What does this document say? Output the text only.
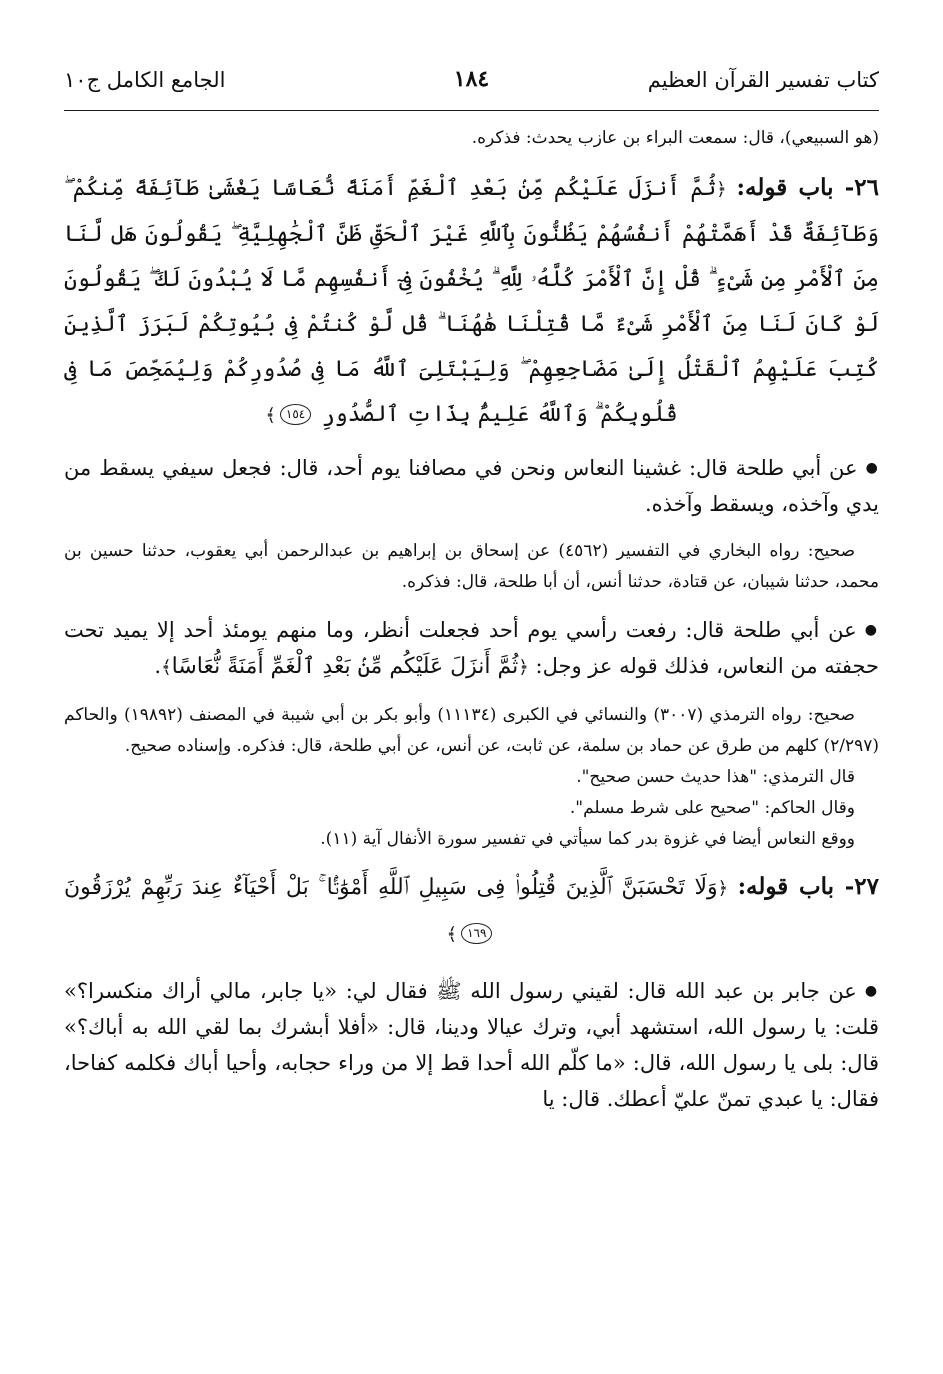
كتاب تفسير القرآن العظيم
١٨٤
الجامع الكامل ج١٠

(هو السبيعي)، قال: سمعت البراء بن عازب يحدث: فذكره.

٢٦- باب قوله: ﴿ثُمَّ أَنزَلَ عَلَيْكُم مِّنۢ بَعْدِ ٱلْغَمِّ أَمَنَةً نُّعَاسًا يَغْشَىٰ طَآئِفَةً مِّنكُمْ ۖ وَطَآئِفَةٌ قَدْ أَهَمَّتْهُمْ أَنفُسُهُمْ يَظُنُّونَ بِٱللَّهِ غَيْرَ ٱلْحَقِّ ظَنَّ ٱلْجَٰهِلِيَّةِ ۖ يَقُولُونَ هَل لَّنَا مِنَ ٱلْأَمْرِ مِن شَىْءٍ ۗ قُلْ إِنَّ ٱلْأَمْرَ كُلَّهُۥ لِلَّهِ ۗ يُخْفُونَ فِىٓ أَنفُسِهِم مَّا لَا يُبْدُونَ لَكَ ۖ يَقُولُونَ لَوْ كَانَ لَنَا مِنَ ٱلْأَمْرِ شَىْءٌ مَّا قُتِلْنَا هَٰهُنَا ۗ قُل لَّوْ كُنتُمْ فِى بُيُوتِكُمْ لَبَرَزَ ٱلَّذِينَ كُتِبَ عَلَيْهِمُ ٱلْقَتْلُ إِلَىٰ مَضَاجِعِهِمْ ۖ وَلِيَبْتَلِىَ ٱللَّهُ مَا فِى صُدُورِكُمْ وَلِيُمَحِّصَ مَا فِى قُلُوبِكُمْ ۗ وَٱللَّهُ عَلِيمٌۢ بِذَاتِ ٱلصُّدُورِ ١٥٤﴾

●عن أبي طلحة قال: غشينا النعاس ونحن في مصافنا يوم أحد، قال: فجعل سيفي يسقط من يدي وآخذه، ويسقط وآخذه.

صحيح: رواه البخاري في التفسير (٤٥٦٢) عن إسحاق بن إبراهيم بن عبدالرحمن أبي يعقوب، حدثنا حسين بن محمد، حدثنا شيبان، عن قتادة، حدثنا أنس، أن أبا طلحة، قال: فذكره.

●عن أبي طلحة قال: رفعت رأسي يوم أحد فجعلت أنظر، وما منهم يومئذ أحد إلا يميد تحت حجفته من النعاس، فذلك قوله عز وجل: ﴿ثُمَّ أَنزَلَ عَلَيْكُم مِّنۢ بَعْدِ ٱلْغَمِّ أَمَنَةً نُّعَاسًا﴾.

صحيح: رواه الترمذي (٣٠٠٧) والنسائي في الكبرى (١١١٣٤) وأبو بكر بن أبي شيبة في المصنف (١٩٨٩٢) والحاكم (٢/٢٩٧) كلهم من طرق عن حماد بن سلمة، عن ثابت، عن أنس، عن أبي طلحة، قال: فذكره. وإسناده صحيح.

قال الترمذي: "هذا حديث حسن صحيح".

وقال الحاكم: "صحيح على شرط مسلم".

ووقع النعاس أيضا في غزوة بدر كما سيأتي في تفسير سورة الأنفال آية (١١).

٢٧- باب قوله: ﴿وَلَا تَحْسَبَنَّ ٱلَّذِينَ قُتِلُوا۟ فِى سَبِيلِ ٱللَّهِ أَمْوَٰتًۢا ۚ بَلْ أَحْيَآءٌ عِندَ رَبِّهِمْ يُرْزَقُونَ ١٦٩﴾

●عن جابر بن عبد الله قال: لقيني رسول الله ﷺ فقال لي: «يا جابر، مالي أراك منكسرا؟» قلت: يا رسول الله، استشهد أبي، وترك عيالا ودينا، قال: «أفلا أبشرك بما لقي الله به أباك؟» قال: بلى يا رسول الله، قال: «ما كلّم الله أحدا قط إلا من وراء حجابه، وأحيا أباك فكلمه كفاحا، فقال: يا عبدي تمنّ عليّ أعطك. قال: يا
